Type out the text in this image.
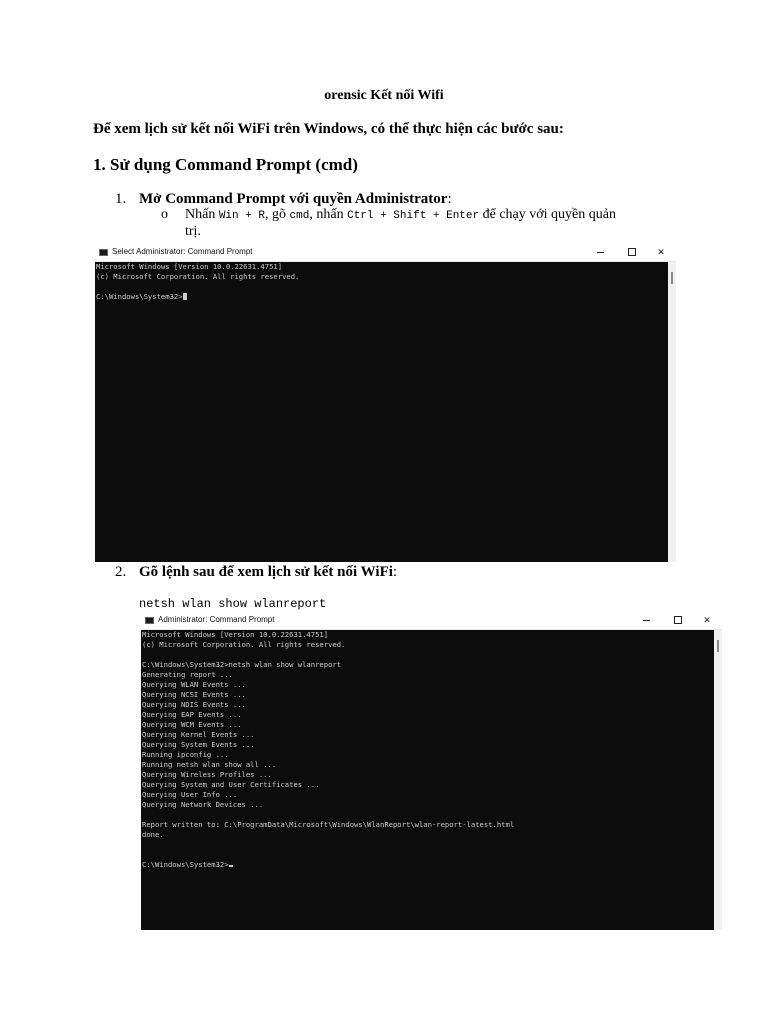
orensic Kết nối Wifi
Để xem lịch sử kết nối WiFi trên Windows, có thể thực hiện các bước sau:
1. Sử dụng Command Prompt (cmd)
1. Mở Command Prompt với quyền Administrator:
o Nhấn Win + R, gõ cmd, nhấn Ctrl + Shift + Enter để chạy với quyền quản
trị.
Select Administrator: Command Prompt	✕
Microsoft Windows [Version 10.0.22631.4751]
(c) Microsoft Corporation. All rights reserved.

C:\Windows\System32>
2. Gõ lệnh sau để xem lịch sử kết nối WiFi:
netsh wlan show wlanreport
Administrator: Command Prompt	✕
Microsoft Windows [Version 10.0.22631.4751]
(c) Microsoft Corporation. All rights reserved.

C:\Windows\System32>netsh wlan show wlanreport
Generating report ...
Querying WLAN Events ...
Querying NCSI Events ...
Querying NDIS Events ...
Querying EAP Events ...
Querying WCM Events ...
Querying Kernel Events ...
Querying System Events ...
Running ipconfig ...
Running netsh wlan show all ...
Querying Wireless Profiles ...
Querying System and User Certificates ...
Querying User Info ...
Querying Network Devices ...

Report written to: C:\ProgramData\Microsoft\Windows\WlanReport\wlan-report-latest.html
done.

C:\Windows\System32>
